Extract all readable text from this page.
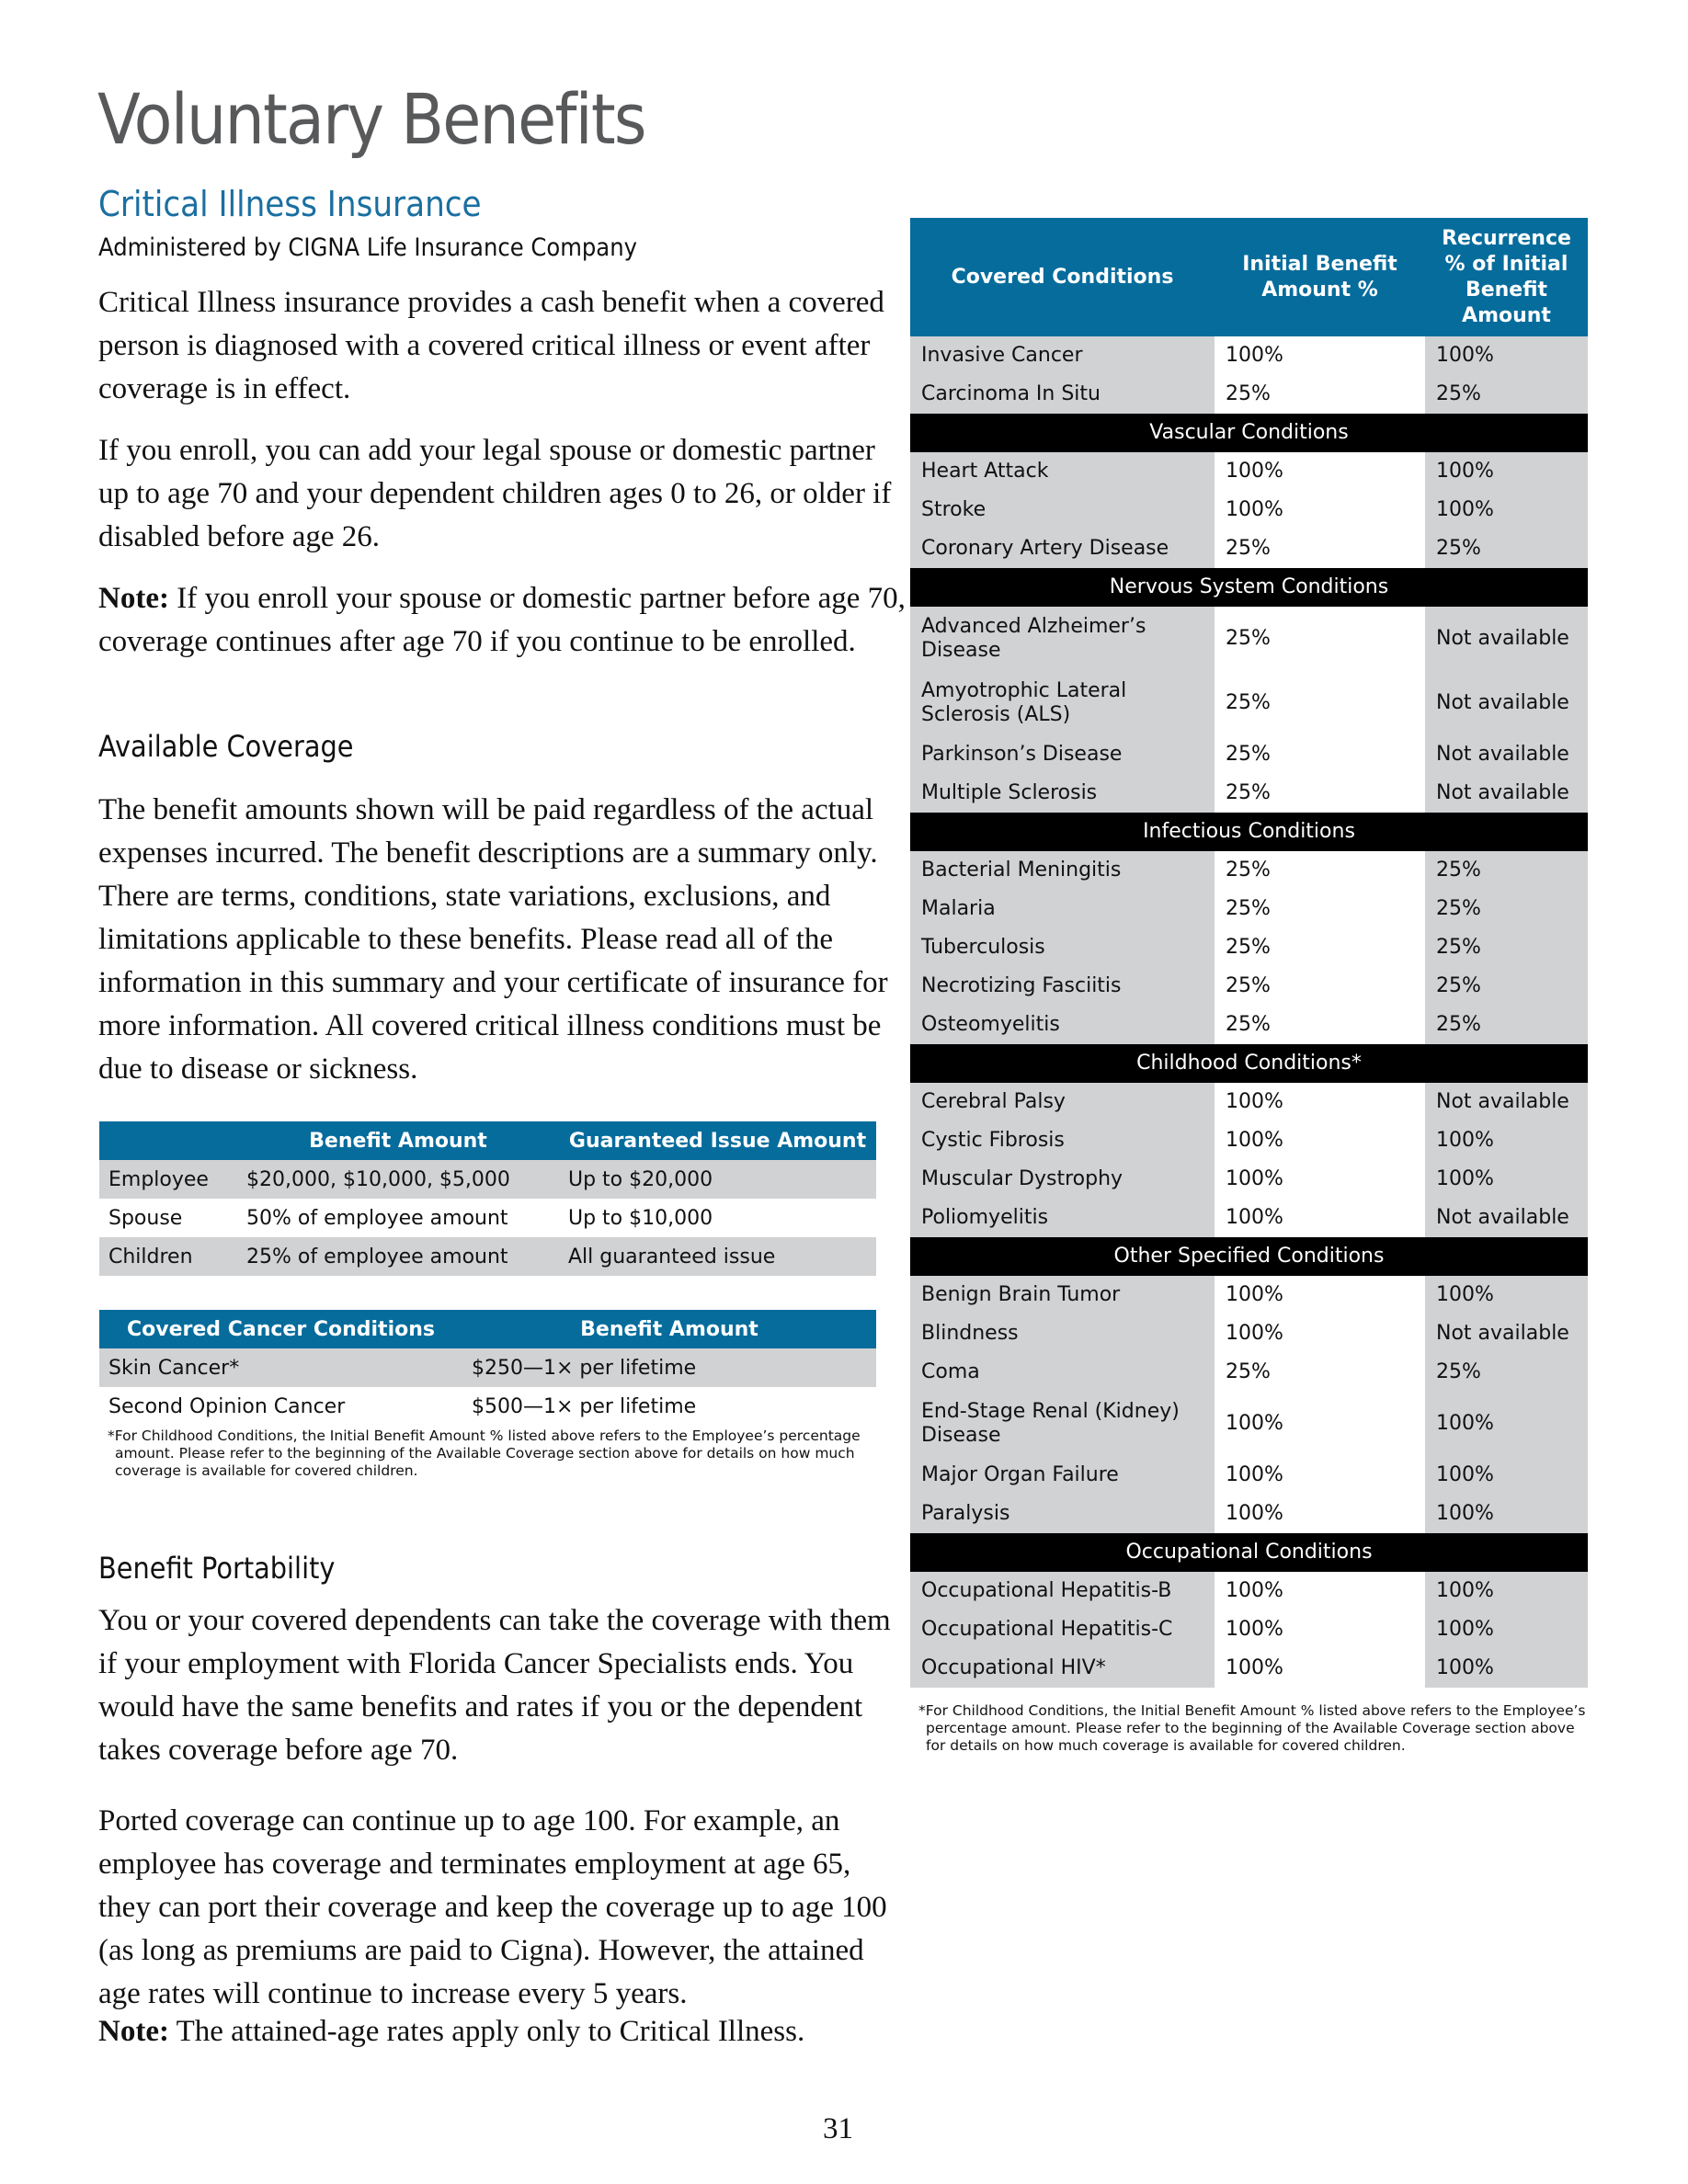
Voluntary Benefits
Critical Illness Insurance
Administered by CIGNA Life Insurance Company

Critical Illness insurance provides a cash benefit when a covered person is diagnosed with a covered critical illness or event after coverage is in effect.

If you enroll, you can add your legal spouse or domestic partner up to age 70 and your dependent children ages 0 to 26, or older if disabled before age 26.

Note: If you enroll your spouse or domestic partner before age 70, coverage continues after age 70 if you continue to be enrolled.

Available Coverage

The benefit amounts shown will be paid regardless of the actual expenses incurred. The benefit descriptions are a summary only. There are terms, conditions, state variations, exclusions, and limitations applicable to these benefits. Please read all of the information in this summary and your certificate of insurance for more information. All covered critical illness conditions must be due to disease or sickness.

	Benefit Amount	Guaranteed Issue Amount
Employee	$20,000, $10,000, $5,000	Up to $20,000
Spouse	50% of employee amount	Up to $10,000
Children	25% of employee amount	All guaranteed issue
Covered Cancer Conditions	Benefit Amount
Skin Cancer*	$250—1× per lifetime
Second Opinion Cancer	$500—1× per lifetime
*For Childhood Conditions, the Initial Benefit Amount % listed above refers to the Employee’s percentage amount. Please refer to the beginning of the Available Coverage section above for details on how much coverage is available for covered children.
Benefit Portability

You or your covered dependents can take the coverage with them if your employment with Florida Cancer Specialists ends. You would have the same benefits and rates if you or the dependent takes coverage before age 70.

Ported coverage can continue up to age 100. For example, an employee has coverage and terminates employment at age 65, they can port their coverage and keep the coverage up to age 100 (as long as premiums are paid to Cigna). However, the attained age rates will continue to increase every 5 years.

Note: The attained-age rates apply only to Critical Illness.

Covered Conditions	Initial Benefit Amount %	Recurrence % of Initial Benefit Amount
Invasive Cancer	100%	100%
Carcinoma In Situ	25%	25%
Vascular Conditions		
Heart Attack	100%	100%
Stroke	100%	100%
Coronary Artery Disease	25%	25%
Nervous System Conditions		
Advanced Alzheimer’s Disease	25%	Not available
Amyotrophic Lateral Sclerosis (ALS)	25%	Not available
Parkinson’s Disease	25%	Not available
Multiple Sclerosis	25%	Not available
Infectious Conditions		
Bacterial Meningitis	25%	25%
Malaria	25%	25%
Tuberculosis	25%	25%
Necrotizing Fasciitis	25%	25%
Osteomyelitis	25%	25%
Childhood Conditions*		
Cerebral Palsy	100%	Not available
Cystic Fibrosis	100%	100%
Muscular Dystrophy	100%	100%
Poliomyelitis	100%	Not available
Other Specified Conditions		
Benign Brain Tumor	100%	100%
Blindness	100%	Not available
Coma	25%	25%
End-Stage Renal (Kidney) Disease	100%	100%
Major Organ Failure	100%	100%
Paralysis	100%	100%
Occupational Conditions		
Occupational Hepatitis-B	100%	100%
Occupational Hepatitis-C	100%	100%
Occupational HIV*	100%	100%
*For Childhood Conditions, the Initial Benefit Amount % listed above refers to the Employee’s percentage amount. Please refer to the beginning of the Available Coverage section above for details on how much coverage is available for covered children.
31
